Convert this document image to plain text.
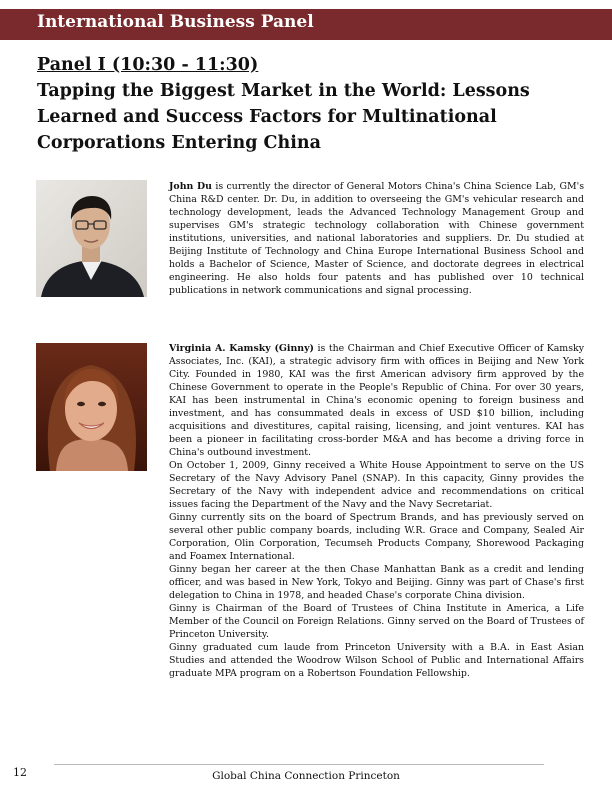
International Business Panel
Panel I (10:30 - 11:30)
Tapping the Biggest Market in the World: Lessons Learned and Success Factors for Multinational Corporations Entering China

John Du is currently the director of General Motors China's China Science Lab, GM's China R&D center. Dr. Du, in addition to overseeing the GM's vehicular research and technology development, leads the Advanced Technology Management Group and supervises GM's strategic technology collaboration with Chinese government institutions, universities, and national laboratories and suppliers. Dr. Du studied at Beijing Institute of Technology and China Europe International Business School and holds a Bachelor of Science, Master of Science, and doctorate degrees in electrical engineering. He also holds four patents and has published over 10 technical publications in network communications and signal processing.

Virginia A. Kamsky (Ginny) is the Chairman and Chief Executive Officer of Kamsky Associates, Inc. (KAI), a strategic advisory firm with offices in Beijing and New York City. Founded in 1980, KAI was the first American advisory firm approved by the Chinese Government to operate in the People's Republic of China. For over 30 years, KAI has been instrumental in China's economic opening to foreign business and investment, and has consummated deals in excess of USD $10 billion, including acquisitions and divestitures, capital raising, licensing, and joint ventures. KAI has been a pioneer in facilitating cross-border M&A and has become a driving force in China's outbound investment.

On October 1, 2009, Ginny received a White House Appointment to serve on the US Secretary of the Navy Advisory Panel (SNAP). In this capacity, Ginny provides the Secretary of the Navy with independent advice and recommendations on critical issues facing the Department of the Navy and the Navy Secretariat.

Ginny currently sits on the board of Spectrum Brands, and has previously served on several other public company boards, including W.R. Grace and Company, Sealed Air Corporation, Olin Corporation, Tecumseh Products Company, Shorewood Packaging and Foamex International.

Ginny began her career at the then Chase Manhattan Bank as a credit and lending officer, and was based in New York, Tokyo and Beijing. Ginny was part of Chase's first delegation to China in 1978, and headed Chase's corporate China division.

Ginny is Chairman of the Board of Trustees of China Institute in America, a Life Member of the Council on Foreign Relations. Ginny served on the Board of Trustees of Princeton University.

Ginny graduated cum laude from Princeton University with a B.A. in East Asian Studies and attended the Woodrow Wilson School of Public and International Affairs graduate MPA program on a Robertson Foundation Fellowship.

12	Global China Connection Princeton
